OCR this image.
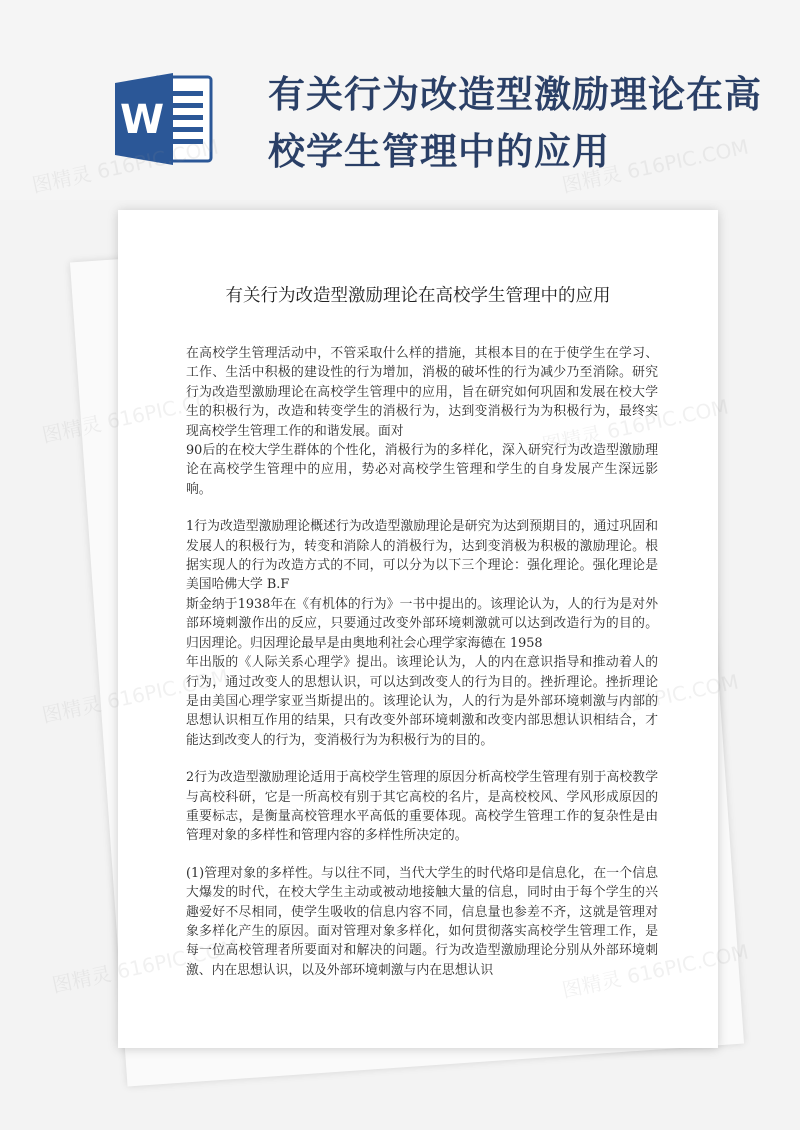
W
有关行为改造型激励理论在高校学生管理中的应用
有关行为改造型激励理论在高校学生管理中的应用

在高校学生管理活动中，不管采取什么样的措施，其根本目的在于使学生在学习、工作、生活中积极的建设性的行为增加，消极的破坏性的行为减少乃至消除。研究行为改造型激励理论在高校学生管理中的应用，旨在研究如何巩固和发展在校大学生的积极行为，改造和转变学生的消极行为，达到变消极行为为积极行为，最终实现高校学生管理工作的和谐发展。面对
90后的在校大学生群体的个性化，消极行为的多样化，深入研究行为改造型激励理论在高校学生管理中的应用，势必对高校学生管理和学生的自身发展产生深远影响。

1行为改造型激励理论概述行为改造型激励理论是研究为达到预期目的，通过巩固和发展人的积极行为，转变和消除人的消极行为，达到变消极为积极的激励理论。根据实现人的行为改造方式的不同，可以分为以下三个理论：强化理论。强化理论是美国哈佛大学 B.F
斯金纳于1938年在《有机体的行为》一书中提出的。该理论认为，人的行为是对外部环境刺激作出的反应，只要通过改变外部环境刺激就可以达到改造行为的目的。归因理论。归因理论最早是由奥地利社会心理学家海德在 1958
年出版的《人际关系心理学》提出。该理论认为，人的内在意识指导和推动着人的行为，通过改变人的思想认识，可以达到改变人的行为目的。挫折理论。挫折理论是由美国心理学家亚当斯提出的。该理论认为，人的行为是外部环境刺激与内部的思想认识相互作用的结果，只有改变外部环境刺激和改变内部思想认识相结合，才能达到改变人的行为，变消极行为为积极行为的目的。

2行为改造型激励理论适用于高校学生管理的原因分析高校学生管理有别于高校教学与高校科研，它是一所高校有别于其它高校的名片，是高校校风、学风形成原因的重要标志，是衡量高校管理水平高低的重要体现。高校学生管理工作的复杂性是由管理对象的多样性和管理内容的多样性所决定的。

(1)管理对象的多样性。与以往不同，当代大学生的时代烙印是信息化，在一个信息大爆发的时代，在校大学生主动或被动地接触大量的信息，同时由于每个学生的兴趣爱好不尽相同，使学生吸收的信息内容不同，信息量也参差不齐，这就是管理对象多样化产生的原因。面对管理对象多样化，如何贯彻落实高校学生管理工作，是每一位高校管理者所要面对和解决的问题。行为改造型激励理论分别从外部环境刺激、内在思想认识，以及外部环境刺激与内在思想认识

图精灵
图精灵
图精灵
